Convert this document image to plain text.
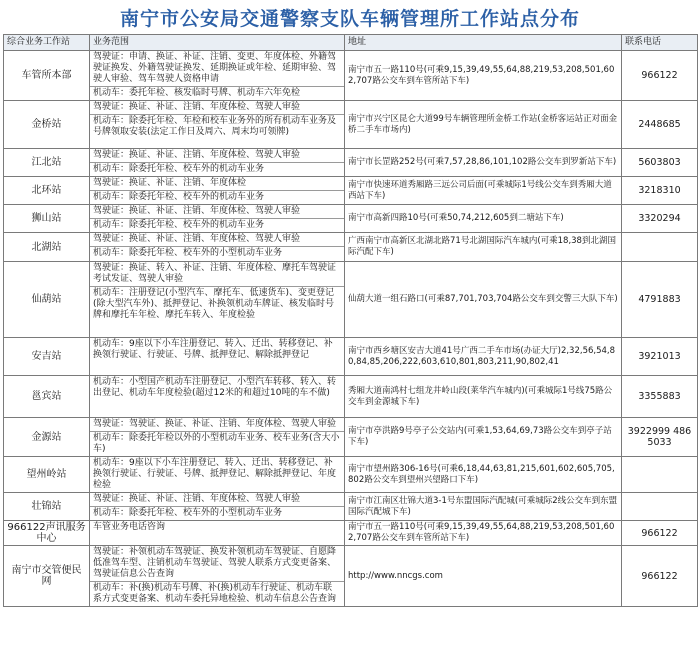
南宁市公安局交通警察支队车辆管理所工作站点分布
综合业务工作站	业务范围	地址	联系电话
车管所本部	驾驶证：申请、换证、补证、注销、变更、年度体检、外籍驾驶证换发、外籍驾驶证换发、延期换证或年检、延期审验、驾驶人审验、驾车驾驶人资格申请
机动车：委托年检、核发临时号牌、机动车六年免检	南宁市五一路110号(可乘9,15,39,49,55,64,88,219,53,208,501,602,707路公交车到车管所站下车)	966122
金桥站	驾驶证：换证、补证、注销、年度体检、驾驶人审验
机动车：除委托年检、年检和校车业务外的所有机动车业务及号牌领取安装(法定工作日及周六、周末均可领牌)	南宁市兴宁区昆仑大道99号车辆管理所金桥工作站(金桥客运站正对面金桥二手车市场内)	2448685
江北站	驾驶证：换证、补证、注销、年度体检、驾驶人审验
机动车：除委托年检、校车外的机动车业务	南宁市长罡路252号(可乘7,57,28,86,101,102路公交车到罗新站下车)	5603803
北环站	驾驶证：换证、补证、注销、年度体检
机动车：除委托年检、校车外的机动车业务	南宁市快速环道秀厢路三远公司后面(可乘城际1号线公交车到秀厢大道西站下车)	3218310
狮山站	驾驶证：换证、补证、注销、年度体检、驾驶人审验
机动车：除委托年检、校车外的机动车业务	南宁市高新四路10号(可乘50,74,212,605到二塘站下车)	3320294
北湖站	驾驶证：换证、补证、注销、年度体检、驾驶人审验
机动车：除委托年检、校车外的小型机动车业务	广西南宁市高新区北湖北路71号北湖国际汽车城内(可乘18,38到北湖国际汽配下车)	
仙葫站	驾驶证：换证、转入、补证、注销、年度体检、摩托车驾驶证考试发证、驾驶人审验
机动车：注册登记(小型汽车、摩托车、低速货车)、变更登记(除大型汽车外)、抵押登记、补换领机动车牌证、核发临时号牌和摩托车年检、摩托车转入、年度检验	仙葫大道一组石路口(可乘87,701,703,704路公交车到交警三大队下车)	4791883
安吉站	机动车：9座以下小车注册登记、转入、迁出、转移登记、补换领行驶证、行驶证、号牌、抵押登记、解除抵押登记	南宁市西乡塘区安吉大道41号广西二手车市场(办证大厅)2,32,56,54,80,84,85,206,222,603,610,801,803,211,90,802,41	3921013
邕宾站	机动车：小型国产机动车注册登记、小型汽车转移、转入、转出登记、机动车年度检验(超过12米的和超过10吨的车不做)	秀厢大道南鸿村七组龙井岭山段(莱华汽车城内)(可乘城际1号线75路公交车到金源城下车)	3355883
金源站	驾驶证：驾驶证、换证、补证、注销、年度体检、驾驶人审验
机动车：除委托年检以外的小型机动车业务、校车业务(含大小车)	南宁市亭洪路9号亭子公交站内(可乘1,53,64,69,73路公交车到亭子站下车)	3922999 4865033
望州岭站	机动车：9座以下小车注册登记、转入、迁出、转移登记、补换领行驶证、行驶证、号牌、抵押登记、解除抵押登记、年度检验	南宁市望州路306-16号(可乘6,18,44,63,81,215,601,602,605,705,802路公交车到望州兴望路口下车)	
壮锦站	驾驶证：换证、补证、注销、年度体检、驾驶人审验
机动车：除委托年检、校车外的小型机动车业务	南宁市江南区壮锦大道3-1号东盟国际汽配城(可乘城际2线公交车到东盟国际汽配城下车)	
966122声讯服务中心	车管业务电话咨询	南宁市五一路110号(可乘9,15,39,49,55,64,88,219,53,208,501,602,707路公交车到车管所站下车)	966122
南宁市交管便民网	驾驶证：补领机动车驾驶证、换发补领机动车驾驶证、自愿降低准驾车型、注销机动车驾驶证、驾驶人联系方式变更备案、驾驶证信息公告查询
机动车：补(换)机动车号牌、补(换)机动车行驶证、机动车联系方式变更备案、机动车委托异地检验、机动车信息公告查询	http://www.nncgs.com	966122
